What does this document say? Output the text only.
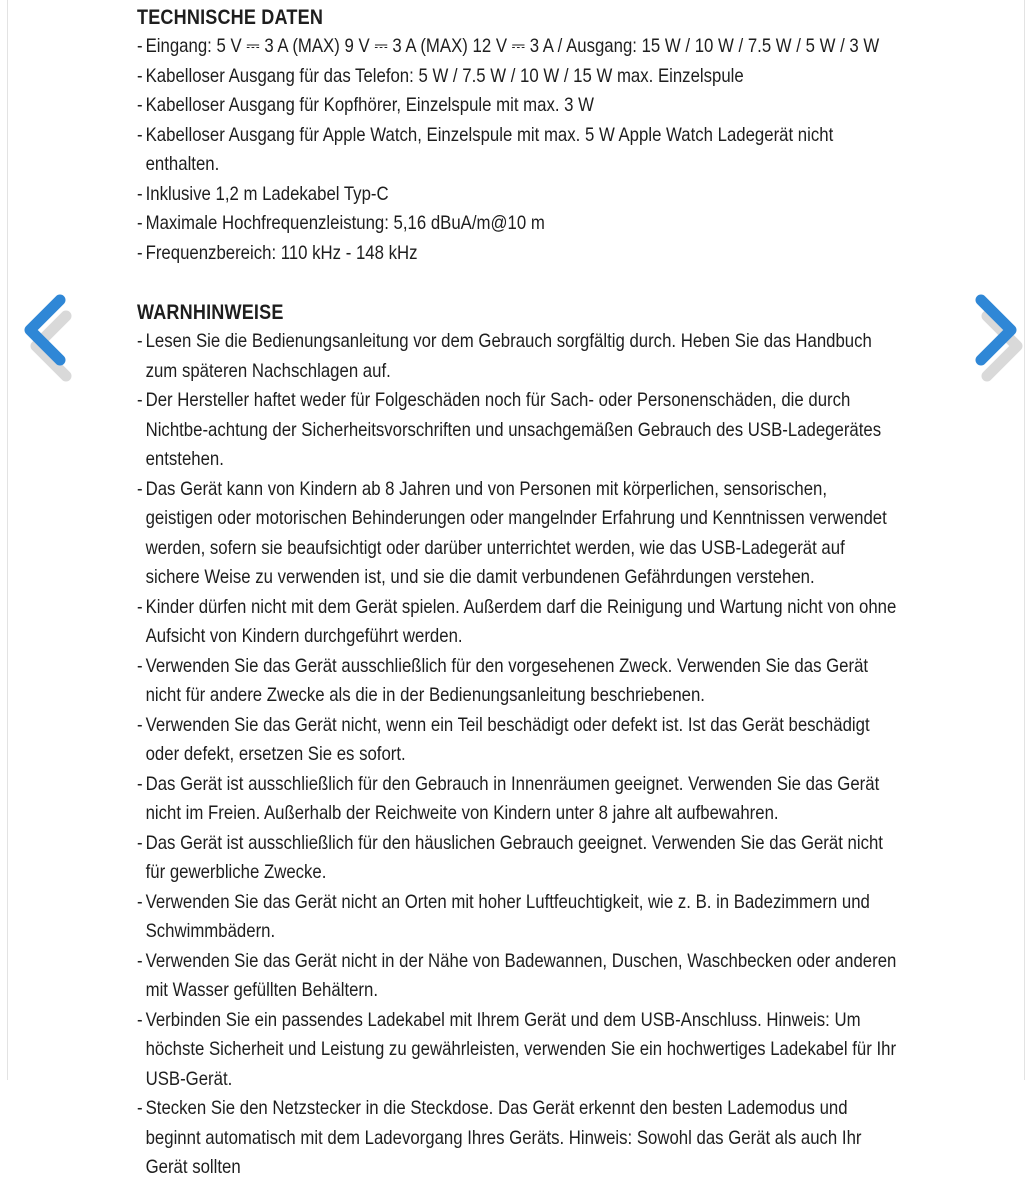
TECHNISCHE DATEN
- Eingang: 5 V ⎓ 3 A (MAX) 9 V ⎓ 3 A (MAX) 12 V ⎓ 3 A / Ausgang: 15 W / 10 W / 7.5 W / 5 W / 3 W
- Kabelloser Ausgang für das Telefon: 5 W / 7.5 W / 10 W / 15 W max. Einzelspule
- Kabelloser Ausgang für Kopfhörer, Einzelspule mit max. 3 W
- Kabelloser Ausgang für Apple Watch, Einzelspule mit max. 5 W Apple Watch Ladegerät nicht enthalten.
- Inklusive 1,2 m Ladekabel Typ-C
- Maximale Hochfrequenzleistung: 5,16 dBuA/m@10 m
- Frequenzbereich: 110 kHz - 148 kHz
WARNHINWEISE
- Lesen Sie die Bedienungsanleitung vor dem Gebrauch sorgfältig durch. Heben Sie das Handbuch zum späteren Nachschlagen auf.
- Der Hersteller haftet weder für Folgeschäden noch für Sach- oder Personenschäden, die durch Nichtbe-achtung der Sicherheitsvorschriften und unsachgemäßen Gebrauch des USB-Ladegerätes entstehen.
- Das Gerät kann von Kindern ab 8 Jahren und von Personen mit körperlichen, sensorischen, geistigen oder motorischen Behinderungen oder mangelnder Erfahrung und Kenntnissen verwendet werden, sofern sie beaufsichtigt oder darüber unterrichtet werden, wie das USB-Ladegerät auf sichere Weise zu verwenden ist, und sie die damit verbundenen Gefährdungen verstehen.
- Kinder dürfen nicht mit dem Gerät spielen. Außerdem darf die Reinigung und Wartung nicht von ohne Aufsicht von Kindern durchgeführt werden.
- Verwenden Sie das Gerät ausschließlich für den vorgesehenen Zweck. Verwenden Sie das Gerät nicht für andere Zwecke als die in der Bedienungsanleitung beschriebenen.
- Verwenden Sie das Gerät nicht, wenn ein Teil beschädigt oder defekt ist. Ist das Gerät beschädigt oder defekt, ersetzen Sie es sofort.
- Das Gerät ist ausschließlich für den Gebrauch in Innenräumen geeignet. Verwenden Sie das Gerät nicht im Freien. Außerhalb der Reichweite von Kindern unter 8 jahre alt aufbewahren.
- Das Gerät ist ausschließlich für den häuslichen Gebrauch geeignet. Verwenden Sie das Gerät nicht für gewerbliche Zwecke.
- Verwenden Sie das Gerät nicht an Orten mit hoher Luftfeuchtigkeit, wie z. B. in Badezimmern und Schwimmbädern.
- Verwenden Sie das Gerät nicht in der Nähe von Badewannen, Duschen, Waschbecken oder anderen mit Wasser gefüllten Behältern.
- Verbinden Sie ein passendes Ladekabel mit Ihrem Gerät und dem USB-Anschluss. Hinweis: Um höchste Sicherheit und Leistung zu gewährleisten, verwenden Sie ein hochwertiges Ladekabel für Ihr USB-Gerät.
- Stecken Sie den Netzstecker in die Steckdose. Das Gerät erkennt den besten Lademodus und beginnt automatisch mit dem Ladevorgang Ihres Geräts. Hinweis: Sowohl das Gerät als auch Ihr Gerät sollten
